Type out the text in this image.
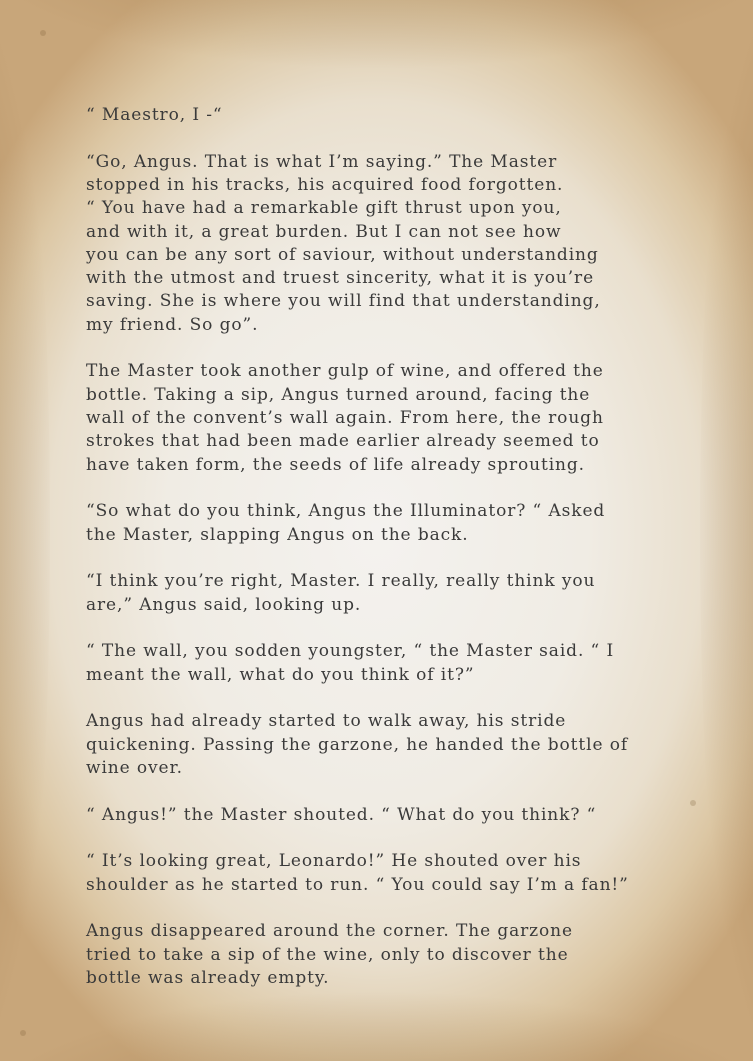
“ Maestro, I -“

“Go, Angus. That is what I’m saying.” The Master
stopped in his tracks, his acquired food forgotten.
“ You have had a remarkable gift thrust upon you,
and with it, a great burden. But I can not see how
you can be any sort of saviour, without understanding
with the utmost and truest sincerity, what it is you’re
saving. She is where you will find that understanding,
my friend. So go”.

The Master took another gulp of wine, and offered the
bottle. Taking a sip, Angus turned around, facing the
wall of the convent’s wall again. From here, the rough
strokes that had been made earlier already seemed to
have taken form, the seeds of life already sprouting.

“So what do you think, Angus the Illuminator? “ Asked
the Master, slapping Angus on the back.

“I think you’re right, Master. I really, really think you
are,” Angus said, looking up.

“ The wall, you sodden youngster, “ the Master said. “ I
meant the wall, what do you think of it?”

Angus had already started to walk away, his stride
quickening. Passing the garzone, he handed the bottle of
wine over.

“ Angus!” the Master shouted. “ What do you think? “

“ It’s looking great, Leonardo!” He shouted over his
shoulder as he started to run. “ You could say I’m a fan!”

Angus disappeared around the corner. The garzone
tried to take a sip of the wine, only to discover the
bottle was already empty.
